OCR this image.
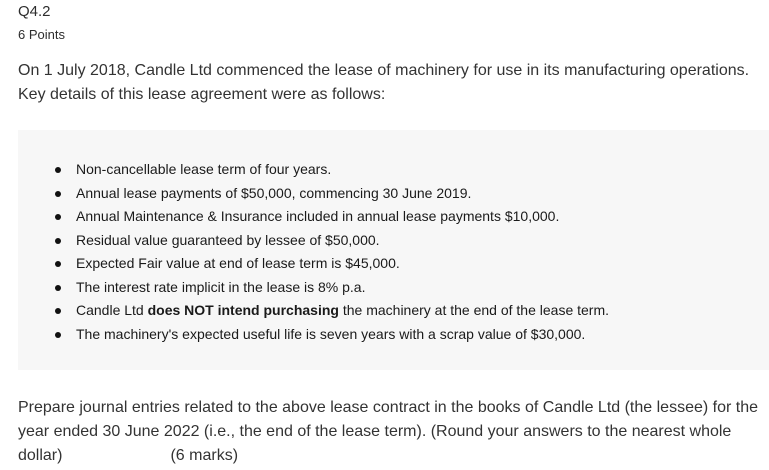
Q4.2
6 Points
On 1 July 2018, Candle Ltd commenced the lease of machinery for use in its manufacturing operations. Key details of this lease agreement were as follows:
Non-cancellable lease term of four years.
Annual lease payments of $50,000, commencing 30 June 2019.
Annual Maintenance & Insurance included in annual lease payments $10,000.
Residual value guaranteed by lessee of $50,000.
Expected Fair value at end of lease term is $45,000.
The interest rate implicit in the lease is 8% p.a.
Candle Ltd does NOT intend purchasing the machinery at the end of the lease term.
The machinery's expected useful life is seven years with a scrap value of $30,000.
Prepare journal entries related to the above lease contract in the books of Candle Ltd (the lessee) for the year ended 30 June 2022 (i.e., the end of the lease term). (Round your answers to the nearest whole dollar)	(6 marks)
